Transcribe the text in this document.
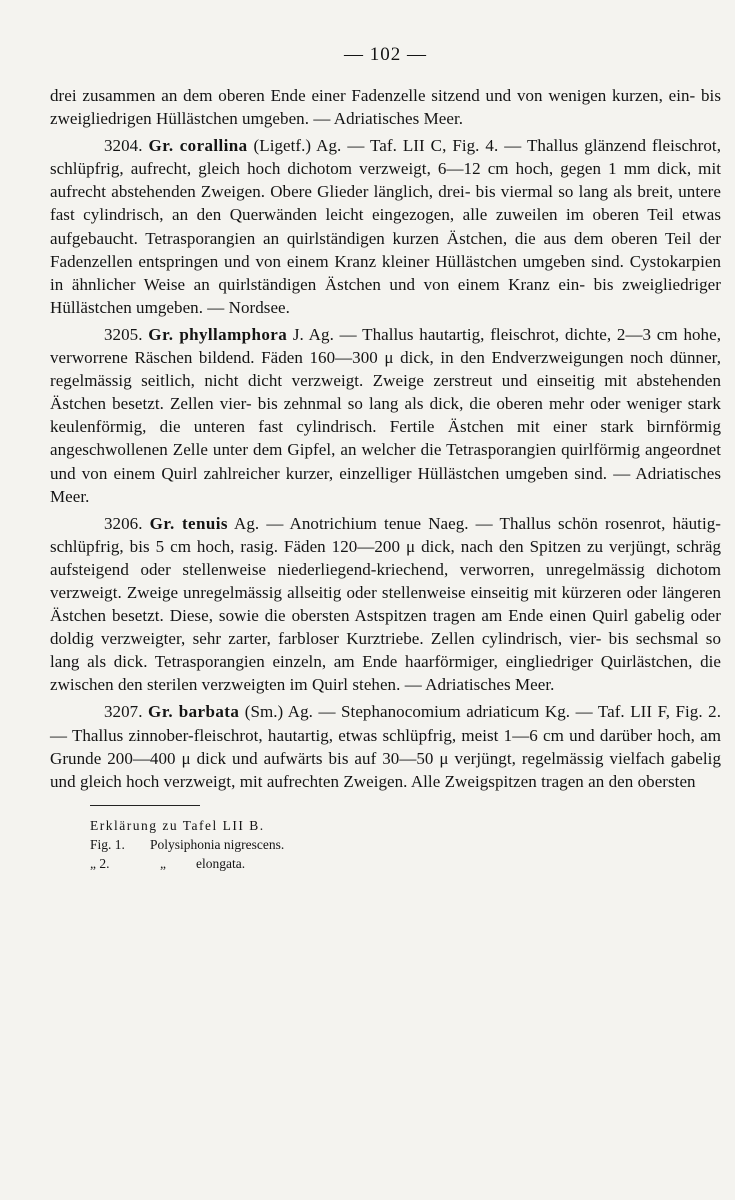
— 102 —

drei zusammen an dem oberen Ende einer Fadenzelle sitzend und von wenigen kurzen, ein- bis zweigliedrigen Hüllästchen umgeben. — Adriatisches Meer.

3204. Gr. corallina (Ligetf.) Ag. — Taf. LII C, Fig. 4. — Thallus glänzend fleischrot, schlüpfrig, aufrecht, gleich hoch dichotom verzweigt, 6—12 cm hoch, gegen 1 mm dick, mit aufrecht abstehenden Zweigen. Obere Glieder länglich, drei- bis viermal so lang als breit, untere fast cylindrisch, an den Querwänden leicht eingezogen, alle zuweilen im oberen Teil etwas aufgebaucht. Tetrasporangien an quirlständigen kurzen Ästchen, die aus dem oberen Teil der Fadenzellen entspringen und von einem Kranz kleiner Hüllästchen umgeben sind. Cystokarpien in ähnlicher Weise an quirlständigen Ästchen und von einem Kranz ein- bis zweigliedriger Hüllästchen umgeben. — Nordsee.

3205. Gr. phyllamphora J. Ag. — Thallus hautartig, fleischrot, dichte, 2—3 cm hohe, verworrene Räschen bildend. Fäden 160—300 μ dick, in den Endverzweigungen noch dünner, regelmässig seitlich, nicht dicht verzweigt. Zweige zerstreut und einseitig mit abstehenden Ästchen besetzt. Zellen vier- bis zehnmal so lang als dick, die oberen mehr oder weniger stark keulenförmig, die unteren fast cylindrisch. Fertile Ästchen mit einer stark birnförmig angeschwollenen Zelle unter dem Gipfel, an welcher die Tetrasporangien quirlförmig angeordnet und von einem Quirl zahlreicher kurzer, einzelliger Hüllästchen umgeben sind. — Adriatisches Meer.

3206. Gr. tenuis Ag. — Anotrichium tenue Naeg. — Thallus schön rosenrot, häutig-schlüpfrig, bis 5 cm hoch, rasig. Fäden 120—200 μ dick, nach den Spitzen zu verjüngt, schräg aufsteigend oder stellenweise niederliegend-kriechend, verworren, unregelmässig dichotom verzweigt. Zweige unregelmässig allseitig oder stellenweise einseitig mit kürzeren oder längeren Ästchen besetzt. Diese, sowie die obersten Astspitzen tragen am Ende einen Quirl gabelig oder doldig verzweigter, sehr zarter, farbloser Kurztriebe. Zellen cylindrisch, vier- bis sechsmal so lang als dick. Tetrasporangien einzeln, am Ende haarförmiger, eingliedriger Quirlästchen, die zwischen den sterilen verzweigten im Quirl stehen. — Adriatisches Meer.

3207. Gr. barbata (Sm.) Ag. — Stephanocomium adriaticum Kg. — Taf. LII F, Fig. 2. — Thallus zinnober-fleischrot, hautartig, etwas schlüpfrig, meist 1—6 cm und darüber hoch, am Grunde 200—400 μ dick und aufwärts bis auf 30—50 μ verjüngt, regelmässig vielfach gabelig und gleich hoch verzweigt, mit aufrechten Zweigen. Alle Zweigspitzen tragen an den obersten

Erklärung zu Tafel LII B.
Fig. 1.	Polysiphonia nigrescens.
„ 2.	„	elongata.
